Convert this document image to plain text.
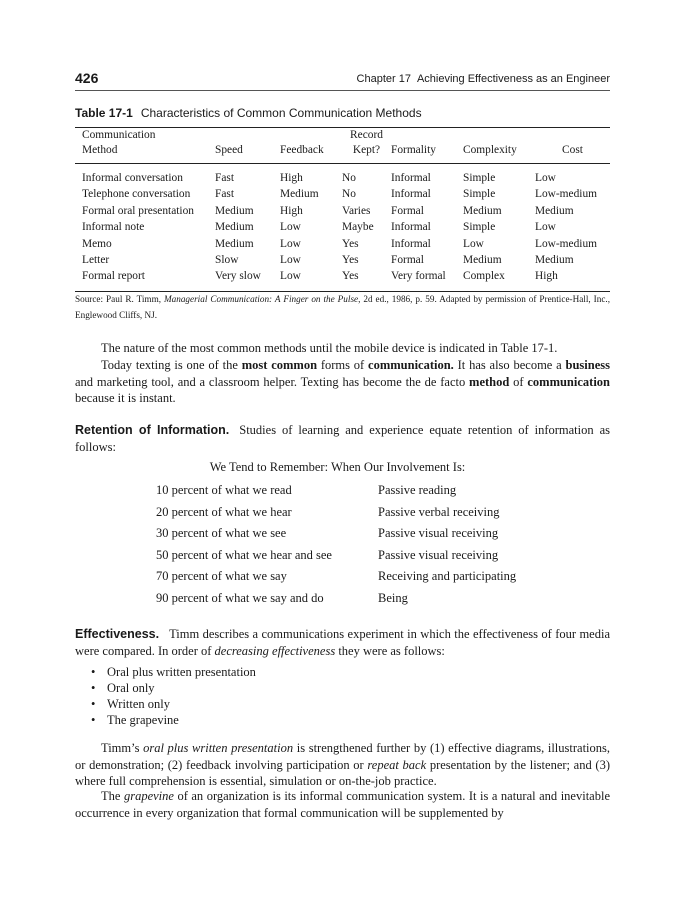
426	Chapter 17 Achieving Effectiveness as an Engineer
Table 17-1 Characteristics of Common Communication Methods
Communication			Record			
Method	Speed	Feedback	Kept?	Formality	Complexity	Cost

Informal conversation	Fast	High	No	Informal	Simple	Low
Telephone conversation	Fast	Medium	No	Informal	Simple	Low-medium
Formal oral presentation	Medium	High	Varies	Formal	Medium	Medium
Informal note	Medium	Low	Maybe	Informal	Simple	Low
Memo	Medium	Low	Yes	Informal	Low	Low-medium
Letter	Slow	Low	Yes	Formal	Medium	Medium
Formal report	Very slow	Low	Yes	Very formal	Complex	High
Source: Paul R. Timm, Managerial Communication: A Finger on the Pulse, 2d ed., 1986, p. 59. Adapted by permission of Prentice-Hall, Inc., Englewood Cliffs, NJ.
The nature of the most common methods until the mobile device is indicated in Table 17-1.
Today texting is one of the most common forms of communication. It has also become a business and marketing tool, and a classroom helper. Texting has become the de facto method of communication because it is instant.
Retention of Information. Studies of learning and experience equate retention of information as follows:
We Tend to Remember: When Our Involvement Is:
10 percent of what we read	Passive reading
20 percent of what we hear	Passive verbal receiving
30 percent of what we see	Passive visual receiving
50 percent of what we hear and see	Passive visual receiving
70 percent of what we say	Receiving and participating
90 percent of what we say and do	Being
Effectiveness. Timm describes a communications experiment in which the effectiveness of four media were compared. In order of decreasing effectiveness they were as follows:
• Oral plus written presentation
• Oral only
• Written only
• The grapevine
Timm’s oral plus written presentation is strengthened further by (1) effective diagrams, illustrations, or demonstration; (2) feedback involving participation or repeat back presentation by the listener; and (3) where full comprehension is essential, simulation or on-the-job practice.
The grapevine of an organization is its informal communication system. It is a natural and inevitable occurrence in every organization that formal communication will be supplemented by
